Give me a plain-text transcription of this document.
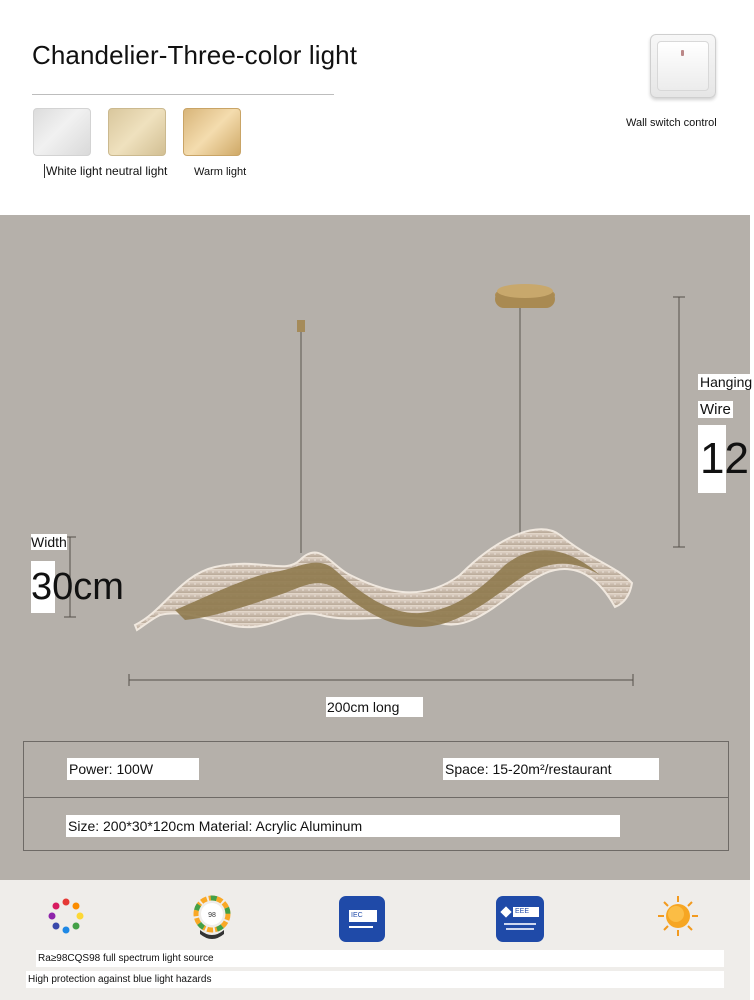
Chandelier-Three-color light
White light neutral light Warm light
Wall switch control
Hanging
Wire
12
Width
30cm
200cm long
Power: 100W	Space: 15-20m²/restaurant
Size: 200*30*120cm Material: Acrylic Aluminum
98	IEC
EEE
Ra≥98CQS98 full spectrum light source
High protection against blue light hazards
